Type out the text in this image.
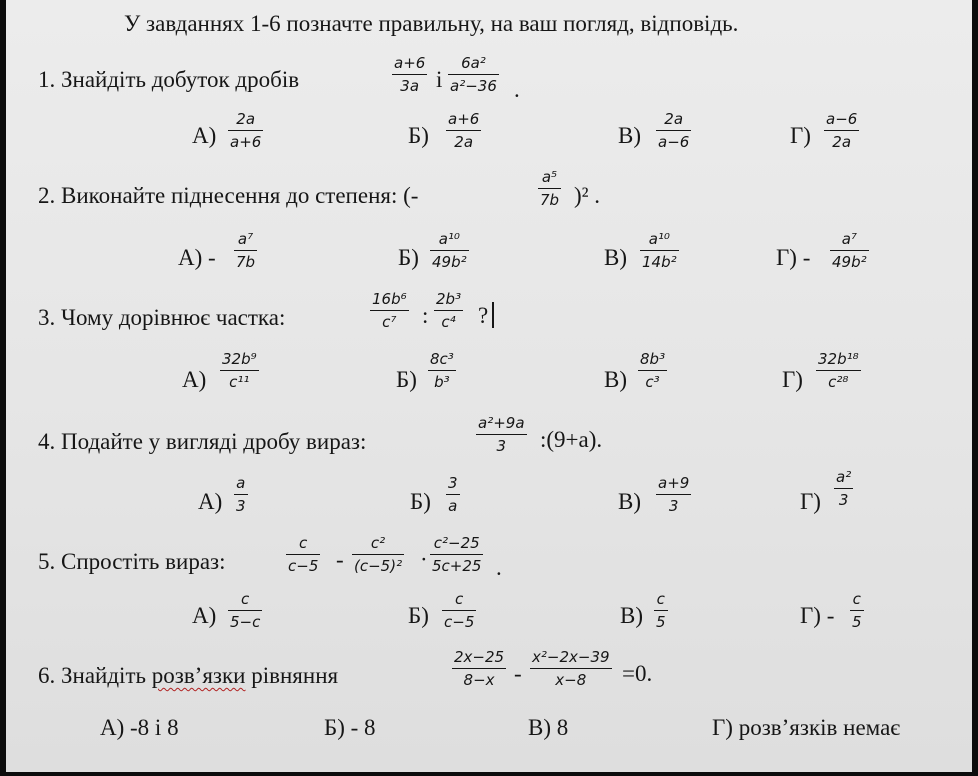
У завданнях 1-6 позначте правильну, на ваш погляд, відповідь.
1. Знайдіть добуток дробів
a+6
3a і
6a²
a²−36 .
А)
2a
a+6	Б)
a+6
2a	В)
2a
a−6	Г)
a−6
2a
2. Виконайте піднесення до степеня: (-
a⁵
7b )² .
А) -
a⁷
7b	Б)
a¹⁰
49b²	В)
a¹⁰
14b²	Г) -
a⁷
49b²
3. Чому дорівнює частка:
16b⁶
c⁷ :
2b³
c⁴ ?
А)
32b⁹
c¹¹	Б)
8c³
b³	В)
8b³
c³	Г)
32b¹⁸
c²⁸
4. Подайте у вигляді дробу вираз:
a²+9a
3 :(9+a).
А)
a
3	Б)
3
a	В)
a+9
3	Г)
a²
3
5. Спростіть вираз:
c
c−5 -
c²
(c−5)² ·
c²−25
5c+25 .
А)
c
5−c	Б)
c
c−5	В)
c
5	Г) -
c
5
6. Знайдіть розв’язки рівняння
2x−25
8−x -
x²−2x−39
x−8 =0.
А) -8 і 8	Б) - 8	В) 8	Г) розв’язків немає
